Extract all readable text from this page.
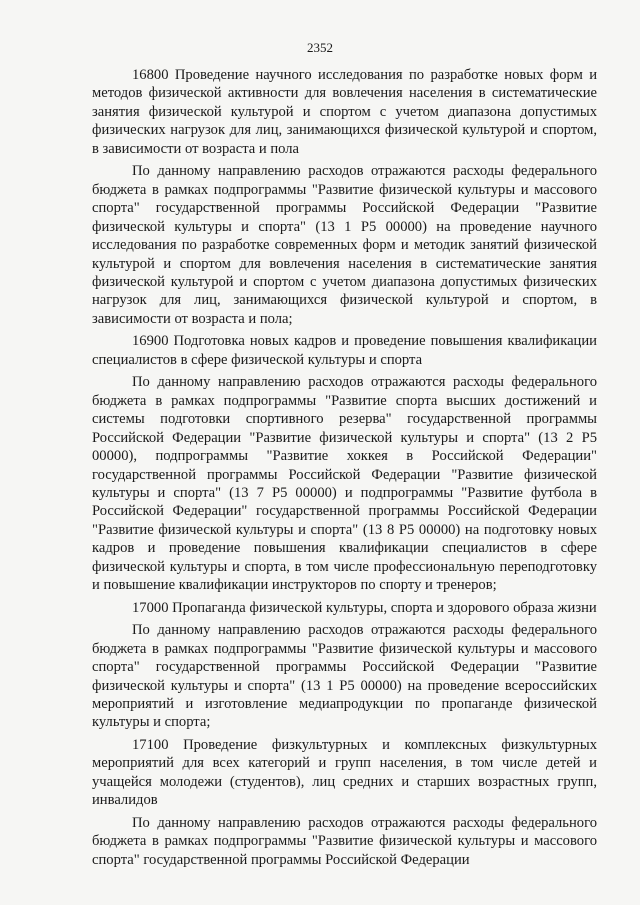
2352

16800 Проведение научного исследования по разработке новых форм и методов физической активности для вовлечения населения в систематические занятия физической культурой и спортом с учетом диапазона допустимых физических нагрузок для лиц, занимающихся физической культурой и спортом, в зависимости от возраста и пола

По данному направлению расходов отражаются расходы федерального бюджета в рамках подпрограммы "Развитие физической культуры и массового спорта" государственной программы Российской Федерации "Развитие физической культуры и спорта" (13 1 Р5 00000) на проведение научного исследования по разработке современных форм и методик занятий физической культурой и спортом для вовлечения населения в систематические занятия физической культурой и спортом с учетом диапазона допустимых физических нагрузок для лиц, занимающихся физической культурой и спортом, в зависимости от возраста и пола;

16900 Подготовка новых кадров и проведение повышения квалификации специалистов в сфере физической культуры и спорта

По данному направлению расходов отражаются расходы федерального бюджета в рамках подпрограммы "Развитие спорта высших достижений и системы подготовки спортивного резерва" государственной программы Российской Федерации "Развитие физической культуры и спорта" (13 2 Р5 00000), подпрограммы "Развитие хоккея в Российской Федерации" государственной программы Российской Федерации "Развитие физической культуры и спорта" (13 7 Р5 00000) и подпрограммы "Развитие футбола в Российской Федерации" государственной программы Российской Федерации "Развитие физической культуры и спорта" (13 8 Р5 00000) на подготовку новых кадров и проведение повышения квалификации специалистов в сфере физической культуры и спорта, в том числе профессиональную переподготовку и повышение квалификации инструкторов по спорту и тренеров;

17000 Пропаганда физической культуры, спорта и здорового образа жизни

По данному направлению расходов отражаются расходы федерального бюджета в рамках подпрограммы "Развитие физической культуры и массового спорта" государственной программы Российской Федерации "Развитие физической культуры и спорта" (13 1 Р5 00000) на проведение всероссийских мероприятий и изготовление медиапродукции по пропаганде физической культуры и спорта;

17100 Проведение физкультурных и комплексных физкультурных мероприятий для всех категорий и групп населения, в том числе детей и учащейся молодежи (студентов), лиц средних и старших возрастных групп, инвалидов

По данному направлению расходов отражаются расходы федерального бюджета в рамках подпрограммы "Развитие физической культуры и массового спорта" государственной программы Российской Федерации
